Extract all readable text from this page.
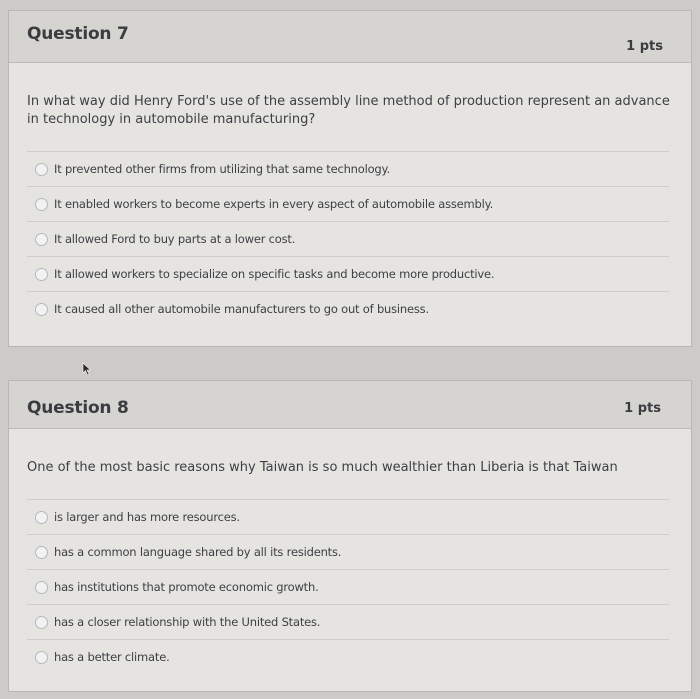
Question 7
1 pts
In what way did Henry Ford's use of the assembly line method of production represent an advance in technology in automobile manufacturing?
It prevented other firms from utilizing that same technology.
It enabled workers to become experts in every aspect of automobile assembly.
It allowed Ford to buy parts at a lower cost.
It allowed workers to specialize on specific tasks and become more productive.
It caused all other automobile manufacturers to go out of business.
Question 8	1 pts
One of the most basic reasons why Taiwan is so much wealthier than Liberia is that Taiwan
is larger and has more resources.
has a common language shared by all its residents.
has institutions that promote economic growth.
has a closer relationship with the United States.
has a better climate.
